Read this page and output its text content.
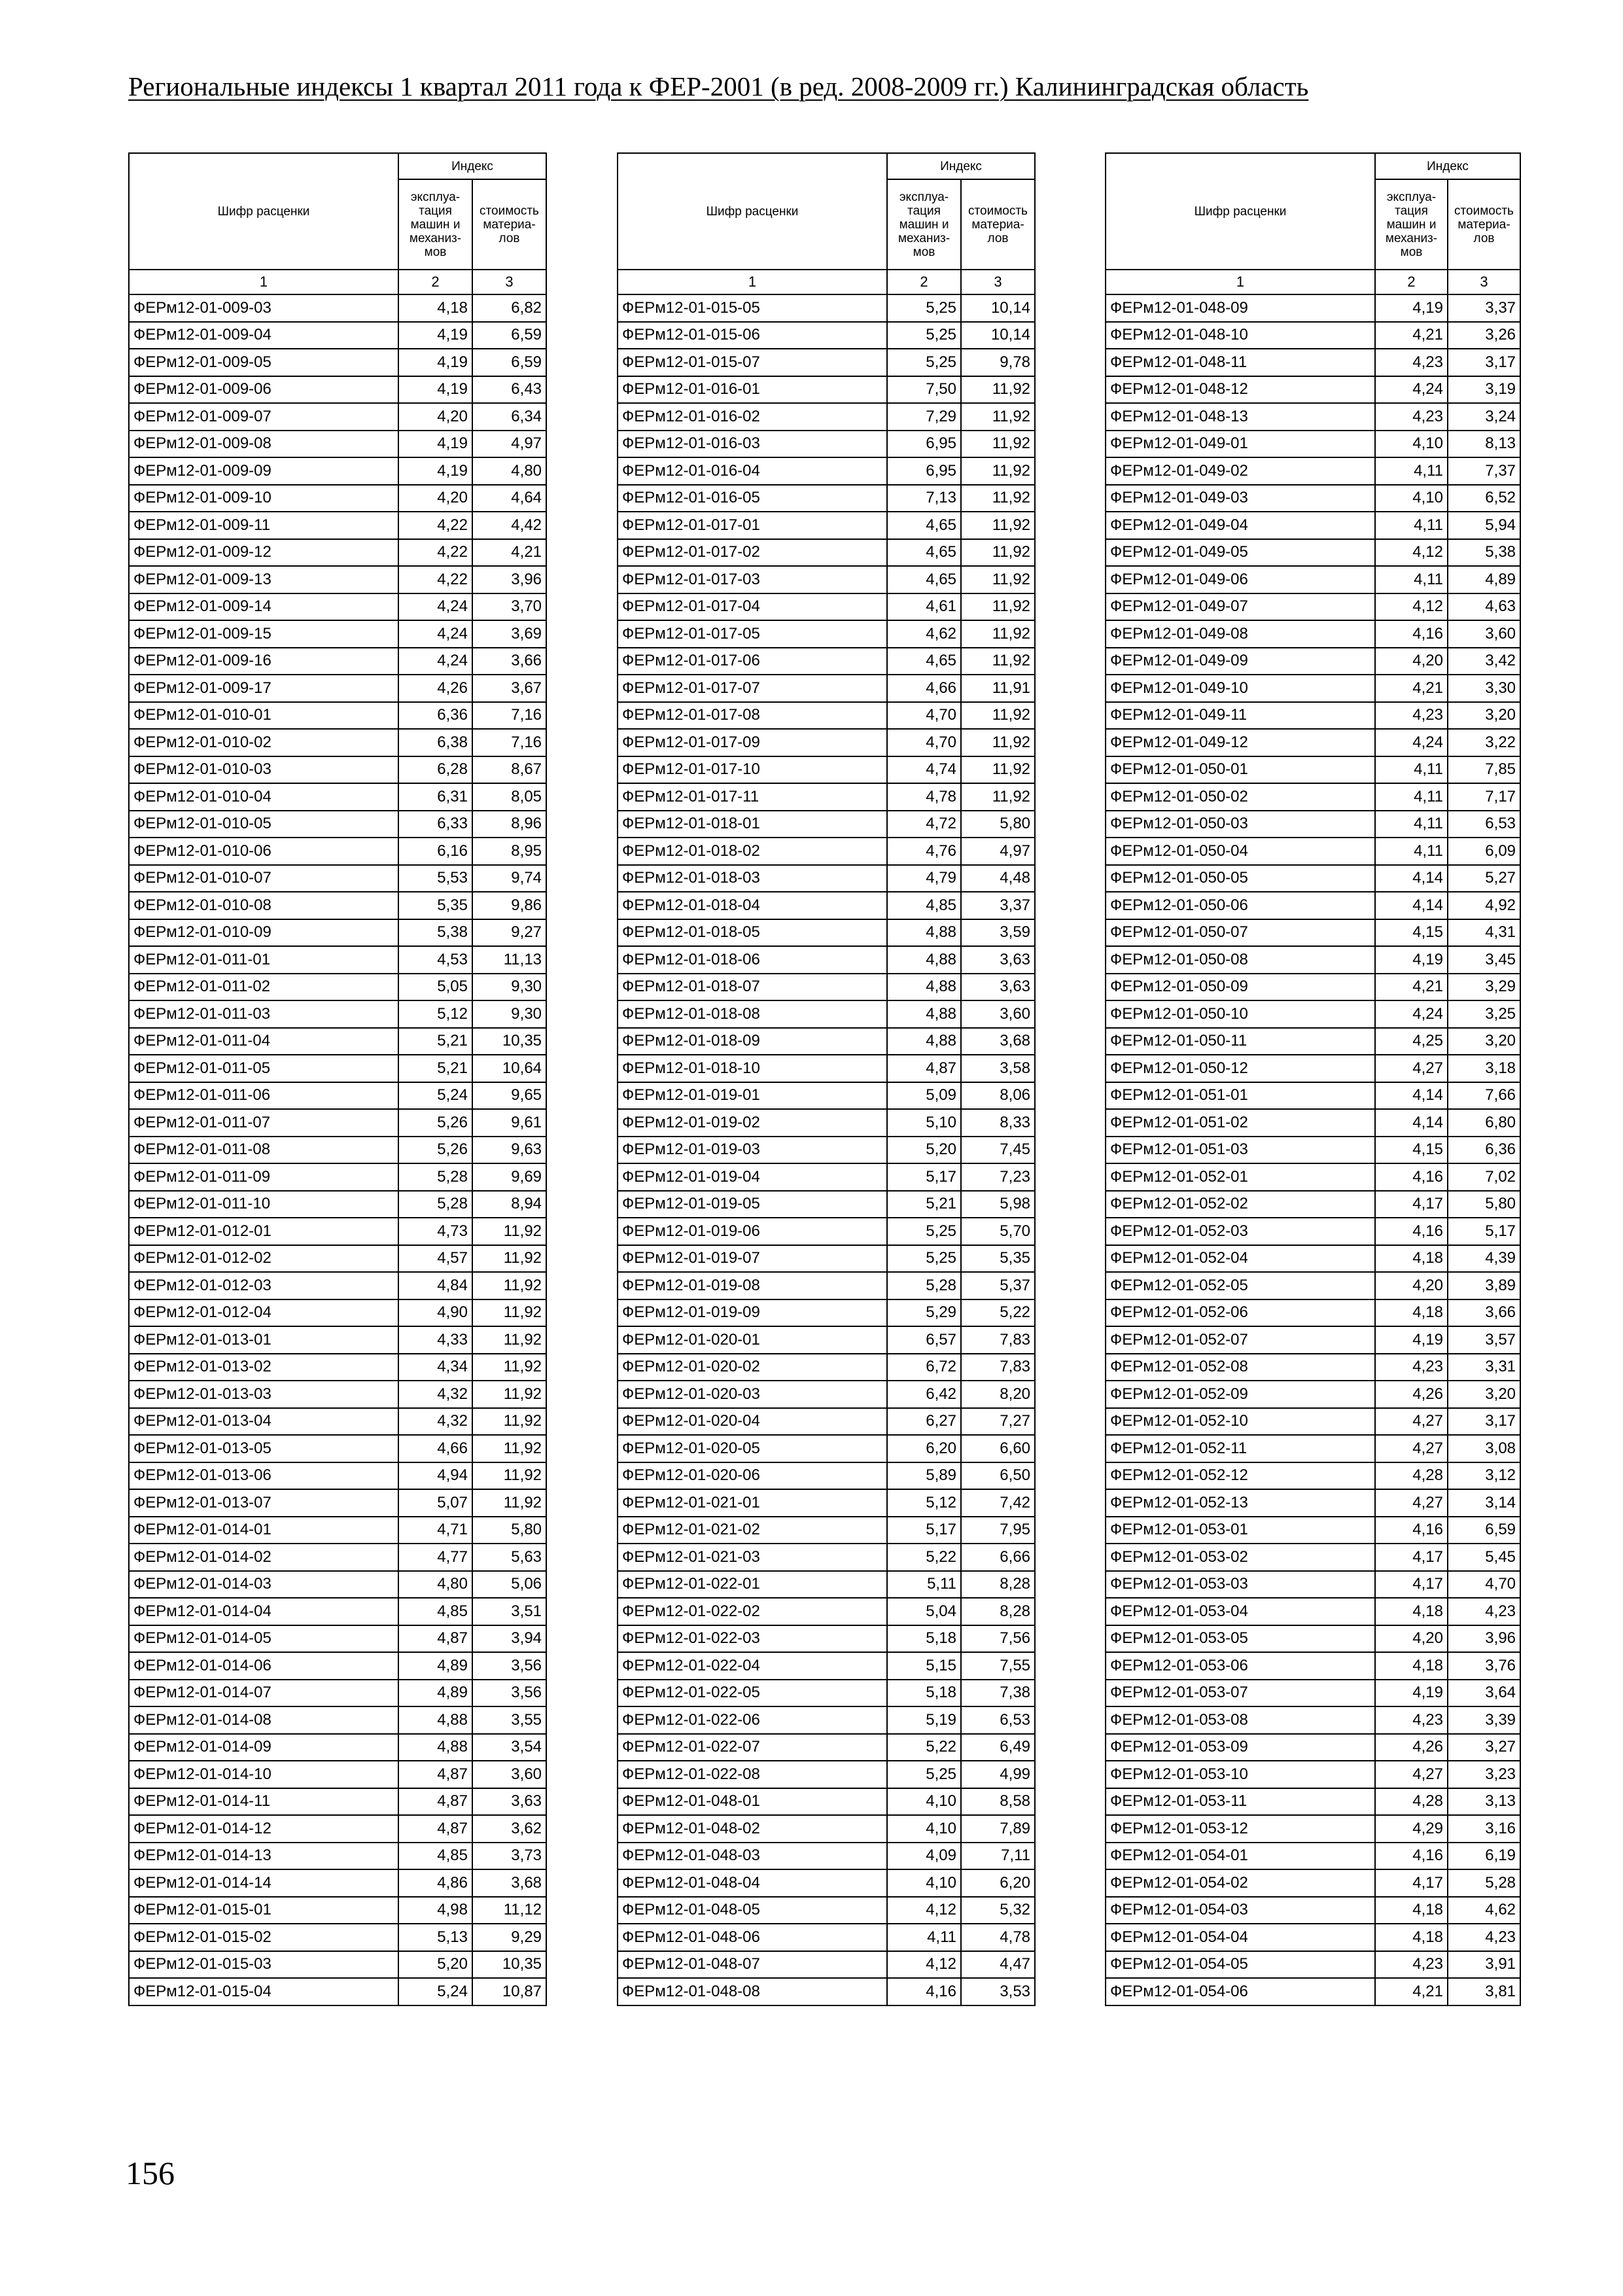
Региональные индексы 1 квартал 2011 года к ФЕР-2001 (в ред. 2008-2009 гг.) Калининградская область
Шифр расценки	Индекс	
	эксплуа-
тация
машин и
механиз-
мов	стоимость
материа-
лов
1	2	3
ФЕРм12-01-009-03	4,18	6,82
ФЕРм12-01-009-04	4,19	6,59
ФЕРм12-01-009-05	4,19	6,59
ФЕРм12-01-009-06	4,19	6,43
ФЕРм12-01-009-07	4,20	6,34
ФЕРм12-01-009-08	4,19	4,97
ФЕРм12-01-009-09	4,19	4,80
ФЕРм12-01-009-10	4,20	4,64
ФЕРм12-01-009-11	4,22	4,42
ФЕРм12-01-009-12	4,22	4,21
ФЕРм12-01-009-13	4,22	3,96
ФЕРм12-01-009-14	4,24	3,70
ФЕРм12-01-009-15	4,24	3,69
ФЕРм12-01-009-16	4,24	3,66
ФЕРм12-01-009-17	4,26	3,67
ФЕРм12-01-010-01	6,36	7,16
ФЕРм12-01-010-02	6,38	7,16
ФЕРм12-01-010-03	6,28	8,67
ФЕРм12-01-010-04	6,31	8,05
ФЕРм12-01-010-05	6,33	8,96
ФЕРм12-01-010-06	6,16	8,95
ФЕРм12-01-010-07	5,53	9,74
ФЕРм12-01-010-08	5,35	9,86
ФЕРм12-01-010-09	5,38	9,27
ФЕРм12-01-011-01	4,53	11,13
ФЕРм12-01-011-02	5,05	9,30
ФЕРм12-01-011-03	5,12	9,30
ФЕРм12-01-011-04	5,21	10,35
ФЕРм12-01-011-05	5,21	10,64
ФЕРм12-01-011-06	5,24	9,65
ФЕРм12-01-011-07	5,26	9,61
ФЕРм12-01-011-08	5,26	9,63
ФЕРм12-01-011-09	5,28	9,69
ФЕРм12-01-011-10	5,28	8,94
ФЕРм12-01-012-01	4,73	11,92
ФЕРм12-01-012-02	4,57	11,92
ФЕРм12-01-012-03	4,84	11,92
ФЕРм12-01-012-04	4,90	11,92
ФЕРм12-01-013-01	4,33	11,92
ФЕРм12-01-013-02	4,34	11,92
ФЕРм12-01-013-03	4,32	11,92
ФЕРм12-01-013-04	4,32	11,92
ФЕРм12-01-013-05	4,66	11,92
ФЕРм12-01-013-06	4,94	11,92
ФЕРм12-01-013-07	5,07	11,92
ФЕРм12-01-014-01	4,71	5,80
ФЕРм12-01-014-02	4,77	5,63
ФЕРм12-01-014-03	4,80	5,06
ФЕРм12-01-014-04	4,85	3,51
ФЕРм12-01-014-05	4,87	3,94
ФЕРм12-01-014-06	4,89	3,56
ФЕРм12-01-014-07	4,89	3,56
ФЕРм12-01-014-08	4,88	3,55
ФЕРм12-01-014-09	4,88	3,54
ФЕРм12-01-014-10	4,87	3,60
ФЕРм12-01-014-11	4,87	3,63
ФЕРм12-01-014-12	4,87	3,62
ФЕРм12-01-014-13	4,85	3,73
ФЕРм12-01-014-14	4,86	3,68
ФЕРм12-01-015-01	4,98	11,12
ФЕРм12-01-015-02	5,13	9,29
ФЕРм12-01-015-03	5,20	10,35
ФЕРм12-01-015-04	5,24	10,87
Шифр расценки	Индекс	
	эксплуа-
тация
машин и
механиз-
мов	стоимость
материа-
лов
1	2	3
ФЕРм12-01-015-05	5,25	10,14
ФЕРм12-01-015-06	5,25	10,14
ФЕРм12-01-015-07	5,25	9,78
ФЕРм12-01-016-01	7,50	11,92
ФЕРм12-01-016-02	7,29	11,92
ФЕРм12-01-016-03	6,95	11,92
ФЕРм12-01-016-04	6,95	11,92
ФЕРм12-01-016-05	7,13	11,92
ФЕРм12-01-017-01	4,65	11,92
ФЕРм12-01-017-02	4,65	11,92
ФЕРм12-01-017-03	4,65	11,92
ФЕРм12-01-017-04	4,61	11,92
ФЕРм12-01-017-05	4,62	11,92
ФЕРм12-01-017-06	4,65	11,92
ФЕРм12-01-017-07	4,66	11,91
ФЕРм12-01-017-08	4,70	11,92
ФЕРм12-01-017-09	4,70	11,92
ФЕРм12-01-017-10	4,74	11,92
ФЕРм12-01-017-11	4,78	11,92
ФЕРм12-01-018-01	4,72	5,80
ФЕРм12-01-018-02	4,76	4,97
ФЕРм12-01-018-03	4,79	4,48
ФЕРм12-01-018-04	4,85	3,37
ФЕРм12-01-018-05	4,88	3,59
ФЕРм12-01-018-06	4,88	3,63
ФЕРм12-01-018-07	4,88	3,63
ФЕРм12-01-018-08	4,88	3,60
ФЕРм12-01-018-09	4,88	3,68
ФЕРм12-01-018-10	4,87	3,58
ФЕРм12-01-019-01	5,09	8,06
ФЕРм12-01-019-02	5,10	8,33
ФЕРм12-01-019-03	5,20	7,45
ФЕРм12-01-019-04	5,17	7,23
ФЕРм12-01-019-05	5,21	5,98
ФЕРм12-01-019-06	5,25	5,70
ФЕРм12-01-019-07	5,25	5,35
ФЕРм12-01-019-08	5,28	5,37
ФЕРм12-01-019-09	5,29	5,22
ФЕРм12-01-020-01	6,57	7,83
ФЕРм12-01-020-02	6,72	7,83
ФЕРм12-01-020-03	6,42	8,20
ФЕРм12-01-020-04	6,27	7,27
ФЕРм12-01-020-05	6,20	6,60
ФЕРм12-01-020-06	5,89	6,50
ФЕРм12-01-021-01	5,12	7,42
ФЕРм12-01-021-02	5,17	7,95
ФЕРм12-01-021-03	5,22	6,66
ФЕРм12-01-022-01	5,11	8,28
ФЕРм12-01-022-02	5,04	8,28
ФЕРм12-01-022-03	5,18	7,56
ФЕРм12-01-022-04	5,15	7,55
ФЕРм12-01-022-05	5,18	7,38
ФЕРм12-01-022-06	5,19	6,53
ФЕРм12-01-022-07	5,22	6,49
ФЕРм12-01-022-08	5,25	4,99
ФЕРм12-01-048-01	4,10	8,58
ФЕРм12-01-048-02	4,10	7,89
ФЕРм12-01-048-03	4,09	7,11
ФЕРм12-01-048-04	4,10	6,20
ФЕРм12-01-048-05	4,12	5,32
ФЕРм12-01-048-06	4,11	4,78
ФЕРм12-01-048-07	4,12	4,47
ФЕРм12-01-048-08	4,16	3,53
Шифр расценки	Индекс	
	эксплуа-
тация
машин и
механиз-
мов	стоимость
материа-
лов
1	2	3
ФЕРм12-01-048-09	4,19	3,37
ФЕРм12-01-048-10	4,21	3,26
ФЕРм12-01-048-11	4,23	3,17
ФЕРм12-01-048-12	4,24	3,19
ФЕРм12-01-048-13	4,23	3,24
ФЕРм12-01-049-01	4,10	8,13
ФЕРм12-01-049-02	4,11	7,37
ФЕРм12-01-049-03	4,10	6,52
ФЕРм12-01-049-04	4,11	5,94
ФЕРм12-01-049-05	4,12	5,38
ФЕРм12-01-049-06	4,11	4,89
ФЕРм12-01-049-07	4,12	4,63
ФЕРм12-01-049-08	4,16	3,60
ФЕРм12-01-049-09	4,20	3,42
ФЕРм12-01-049-10	4,21	3,30
ФЕРм12-01-049-11	4,23	3,20
ФЕРм12-01-049-12	4,24	3,22
ФЕРм12-01-050-01	4,11	7,85
ФЕРм12-01-050-02	4,11	7,17
ФЕРм12-01-050-03	4,11	6,53
ФЕРм12-01-050-04	4,11	6,09
ФЕРм12-01-050-05	4,14	5,27
ФЕРм12-01-050-06	4,14	4,92
ФЕРм12-01-050-07	4,15	4,31
ФЕРм12-01-050-08	4,19	3,45
ФЕРм12-01-050-09	4,21	3,29
ФЕРм12-01-050-10	4,24	3,25
ФЕРм12-01-050-11	4,25	3,20
ФЕРм12-01-050-12	4,27	3,18
ФЕРм12-01-051-01	4,14	7,66
ФЕРм12-01-051-02	4,14	6,80
ФЕРм12-01-051-03	4,15	6,36
ФЕРм12-01-052-01	4,16	7,02
ФЕРм12-01-052-02	4,17	5,80
ФЕРм12-01-052-03	4,16	5,17
ФЕРм12-01-052-04	4,18	4,39
ФЕРм12-01-052-05	4,20	3,89
ФЕРм12-01-052-06	4,18	3,66
ФЕРм12-01-052-07	4,19	3,57
ФЕРм12-01-052-08	4,23	3,31
ФЕРм12-01-052-09	4,26	3,20
ФЕРм12-01-052-10	4,27	3,17
ФЕРм12-01-052-11	4,27	3,08
ФЕРм12-01-052-12	4,28	3,12
ФЕРм12-01-052-13	4,27	3,14
ФЕРм12-01-053-01	4,16	6,59
ФЕРм12-01-053-02	4,17	5,45
ФЕРм12-01-053-03	4,17	4,70
ФЕРм12-01-053-04	4,18	4,23
ФЕРм12-01-053-05	4,20	3,96
ФЕРм12-01-053-06	4,18	3,76
ФЕРм12-01-053-07	4,19	3,64
ФЕРм12-01-053-08	4,23	3,39
ФЕРм12-01-053-09	4,26	3,27
ФЕРм12-01-053-10	4,27	3,23
ФЕРм12-01-053-11	4,28	3,13
ФЕРм12-01-053-12	4,29	3,16
ФЕРм12-01-054-01	4,16	6,19
ФЕРм12-01-054-02	4,17	5,28
ФЕРм12-01-054-03	4,18	4,62
ФЕРм12-01-054-04	4,18	4,23
ФЕРм12-01-054-05	4,23	3,91
ФЕРм12-01-054-06	4,21	3,81
156
